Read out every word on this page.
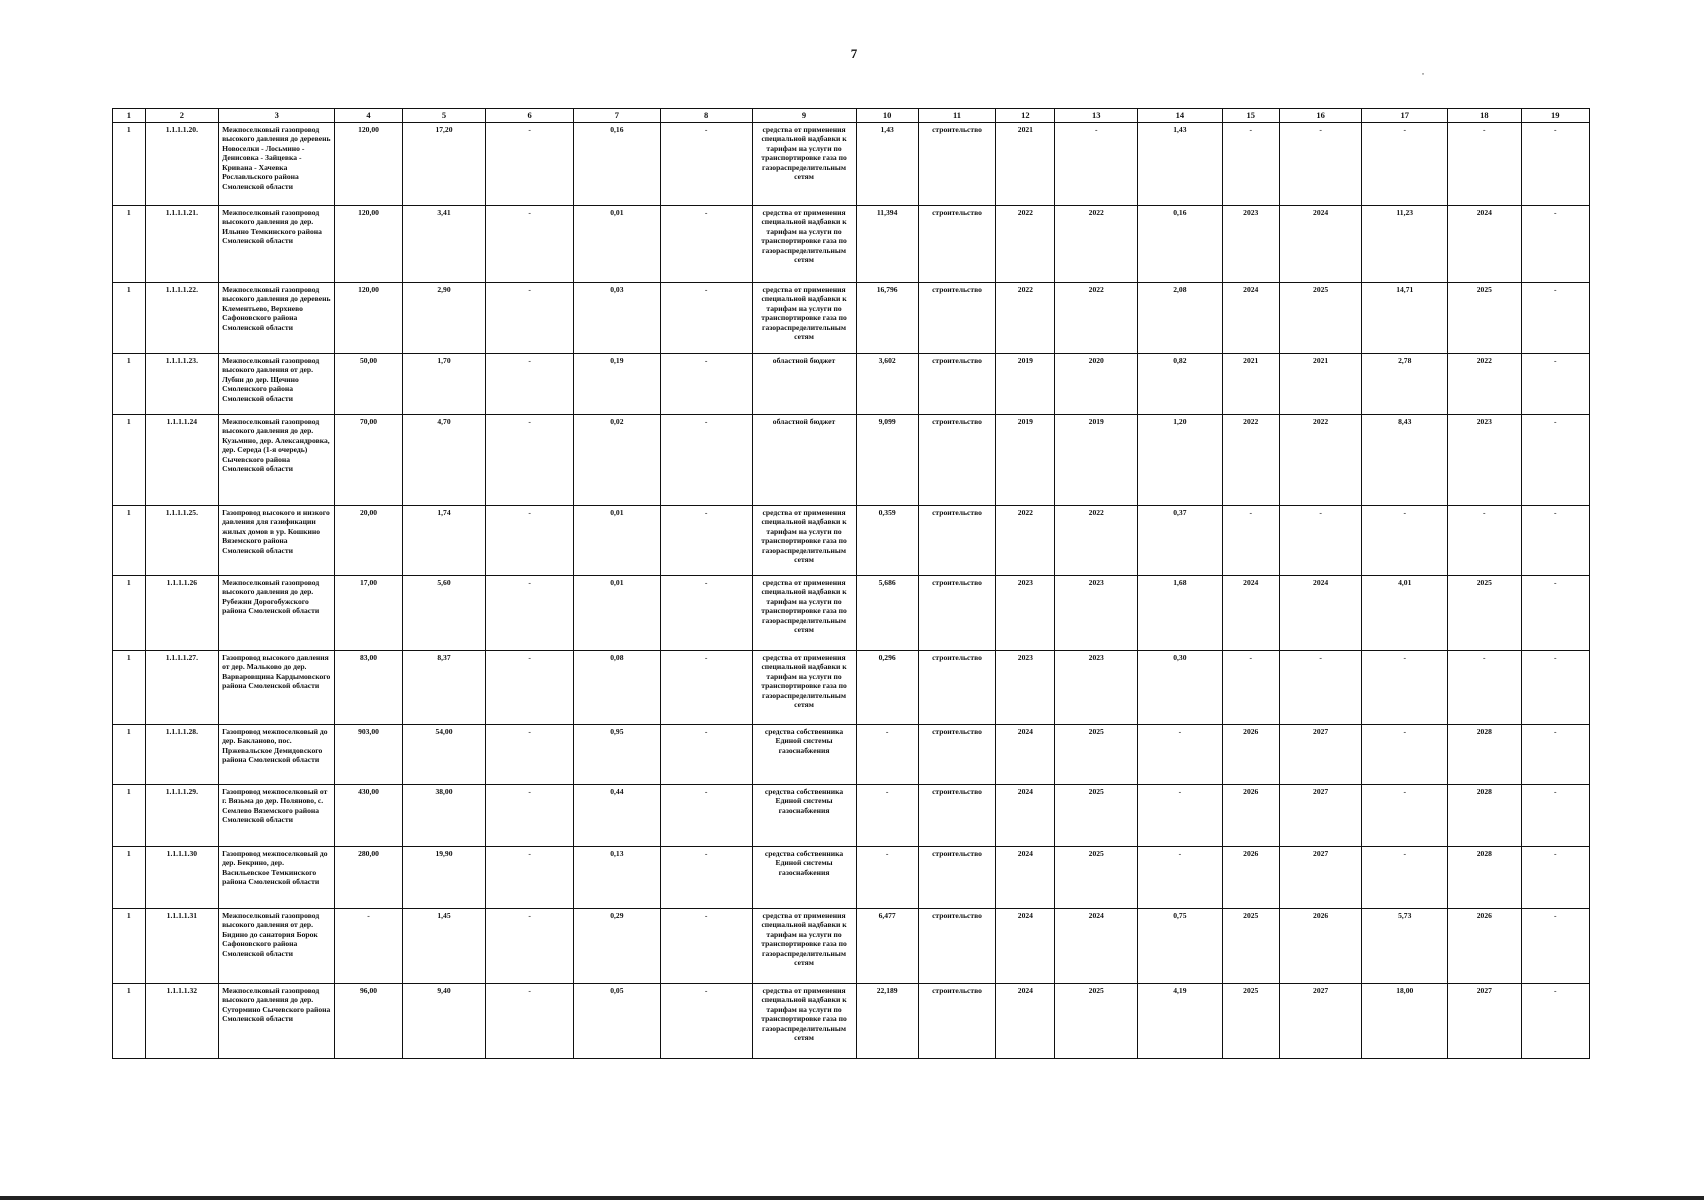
7
˙
1	2	3	4	5	6	7	8	9	10	11	12	13	14	15	16	17	18	19
1	1.1.1.1.20.	Межпоселковый газопровод высокого давления до деревень Новоселки - Лосьмино - Денисовка - Зайцевка - Кривана - Хачевка Рославльского района Смоленской области	120,00	17,20	-	0,16	-	средства от применения специальной надбавки к тарифам на услуги по транспортировке газа по газораспределительным сетям	1,43	строительство	2021	-	1,43	-	-	-	-	-
1	1.1.1.1.21.	Межпоселковый газопровод высокого давления до дер. Ильино Темкинского района Смоленской области	120,00	3,41	-	0,01	-	средства от применения специальной надбавки к тарифам на услуги по транспортировке газа по газораспределительным сетям	11,394	строительство	2022	2022	0,16	2023	2024	11,23	2024	-
1	1.1.1.1.22.	Межпоселковый газопровод высокого давления до деревень Клементьево, Верхнево Сафоновского района Смоленской области	120,00	2,90	-	0,03	-	средства от применения специальной надбавки к тарифам на услуги по транспортировке газа по газораспределительным сетям	16,796	строительство	2022	2022	2,08	2024	2025	14,71	2025	-
1	1.1.1.1.23.	Межпоселковый газопровод высокого давления от дер. Лубни до дер. Щечино Смоленского района Смоленской области	50,00	1,70	-	0,19	-	областной бюджет	3,602	строительство	2019	2020	0,82	2021	2021	2,78	2022	-
1	1.1.1.1.24	Межпоселковый газопровод высокого давления до дер. Кузьмино, дер. Александровка, дер. Середа (1-я очередь) Сычевского района Смоленской области	70,00	4,70	-	0,02	-	областной бюджет	9,099	строительство	2019	2019	1,20	2022	2022	8,43	2023	-
1	1.1.1.1.25.	Газопровод высокого и низкого давления для газификации жилых домов в ур. Кошкино Вяземского района Смоленской области	20,00	1,74	-	0,01	-	средства от применения специальной надбавки к тарифам на услуги по транспортировке газа по газораспределительным сетям	0,359	строительство	2022	2022	0,37	-	-	-	-	-
1	1.1.1.1.26	Межпоселковый газопровод высокого давления до дер. Рубежни Дорогобужского района Смоленской области	17,00	5,60	-	0,01	-	средства от применения специальной надбавки к тарифам на услуги по транспортировке газа по газораспределительным сетям	5,686	строительство	2023	2023	1,68	2024	2024	4,01	2025	-
1	1.1.1.1.27.	Газопровод высокого давления от дер. Мальково до дер. Варваровщина Кардымовского района Смоленской области	83,00	8,37	-	0,08	-	средства от применения специальной надбавки к тарифам на услуги по транспортировке газа по газораспределительным сетям	0,296	строительство	2023	2023	0,30	-	-	-	-	-
1	1.1.1.1.28.	Газопровод межпоселковый до дер. Бакланово, пос. Пржевальское Демидовского района Смоленской области	903,00	54,00	-	0,95	-	средства собственника Единой системы газоснабжения	-	строительство	2024	2025	-	2026	2027	-	2028	-
1	1.1.1.1.29.	Газопровод межпоселковый от г. Вязьма до дер. Поляново, с. Семлево Вяземского района Смоленской области	430,00	38,00	-	0,44	-	средства собственника Единой системы газоснабжения	-	строительство	2024	2025	-	2026	2027	-	2028	-
1	1.1.1.1.30	Газопровод межпоселковый до дер. Бекрино, дер. Васильевское Темкинского района Смоленской области	280,00	19,90	-	0,13	-	средства собственника Единой системы газоснабжения	-	строительство	2024	2025	-	2026	2027	-	2028	-
1	1.1.1.1.31	Межпоселковый газопровод высокого давления от дер. Бидино до санатория Борок Сафоновского района Смоленской области	-	1,45	-	0,29	-	средства от применения специальной надбавки к тарифам на услуги по транспортировке газа по газораспределительным сетям	6,477	строительство	2024	2024	0,75	2025	2026	5,73	2026	-
1	1.1.1.1.32	Межпоселковый газопровод высокого давления до дер. Сутормино Сычевского района Смоленской области	96,00	9,40	-	0,05	-	средства от применения специальной надбавки к тарифам на услуги по транспортировке газа по газораспределительным сетям	22,189	строительство	2024	2025	4,19	2025	2027	18,00	2027	-
